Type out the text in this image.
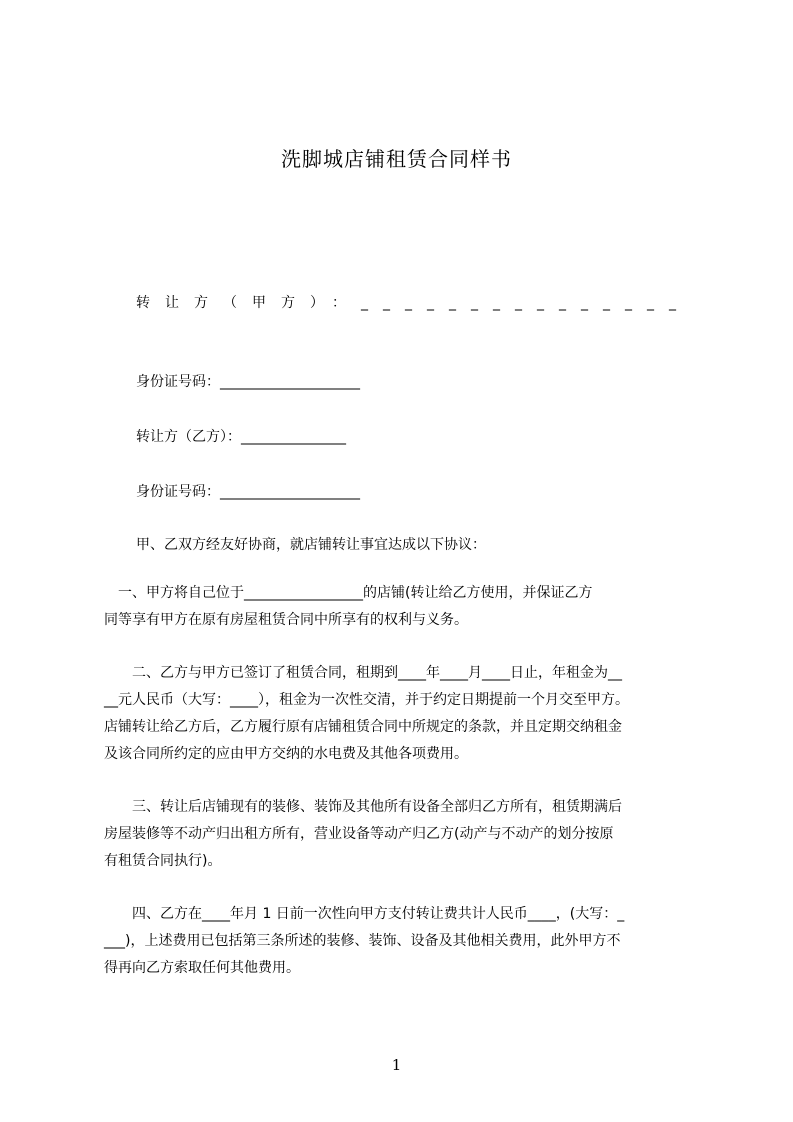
洗脚城店铺租赁合同样书
转让方（甲方）：_______________
身份证号码：____________________
转让方（乙方）：_______________
身份证号码：____________________
甲、乙双方经友好协商，就店铺转让事宜达成以下协议：
　一、甲方将自己位于_________________的店铺(转让给乙方使用，并保证乙方
同等享有甲方在原有房屋租赁合同中所享有的权利与义务。
　　二、乙方与甲方已签订了租赁合同，租期到____年____月____日止，年租金为__
__元人民币（大写：____），租金为一次性交清，并于约定日期提前一个月交至甲方。
店铺转让给乙方后，乙方履行原有店铺租赁合同中所规定的条款，并且定期交纳租金
及该合同所约定的应由甲方交纳的水电费及其他各项费用。
　　三、转让后店铺现有的装修、装饰及其他所有设备全部归乙方所有，租赁期满后
房屋装修等不动产归出租方所有，营业设备等动产归乙方(动产与不动产的划分按原
有租赁合同执行)。
　　四、乙方在____年月 1 日前一次性向甲方支付转让费共计人民币____，(大写：_
___)，上述费用已包括第三条所述的装修、装饰、设备及其他相关费用，此外甲方不
得再向乙方索取任何其他费用。
1
